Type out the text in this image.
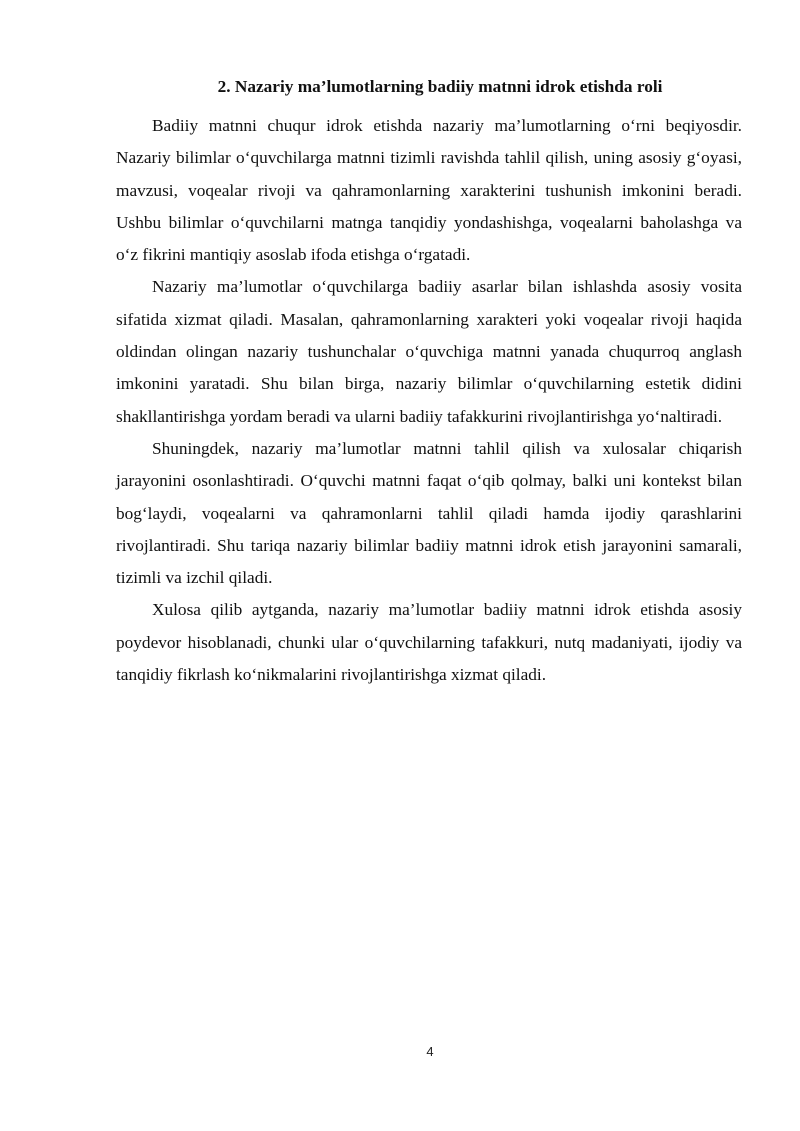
2. Nazariy ma’lumotlarning badiiy matnni idrok etishda roli

Badiiy matnni chuqur idrok etishda nazariy ma’lumotlarning o‘rni beqiyosdir. Nazariy bilimlar o‘quvchilarga matnni tizimli ravishda tahlil qilish, uning asosiy g‘oyasi, mavzusi, voqealar rivoji va qahramonlarning xarakterini tushunish imkonini beradi. Ushbu bilimlar o‘quvchilarni matnga tanqidiy yondashishga, voqealarni baholashga va o‘z fikrini mantiqiy asoslab ifoda etishga o‘rgatadi.

Nazariy ma’lumotlar o‘quvchilarga badiiy asarlar bilan ishlashda asosiy vosita sifatida xizmat qiladi. Masalan, qahramonlarning xarakteri yoki voqealar rivoji haqida oldindan olingan nazariy tushunchalar o‘quvchiga matnni yanada chuqurroq anglash imkonini yaratadi. Shu bilan birga, nazariy bilimlar o‘quvchilarning estetik didini shakllantirishga yordam beradi va ularni badiiy tafakkurini rivojlantirishga yo‘naltiradi.

Shuningdek, nazariy ma’lumotlar matnni tahlil qilish va xulosalar chiqarish jarayonini osonlashtiradi. O‘quvchi matnni faqat o‘qib qolmay, balki uni kontekst bilan bog‘laydi, voqealarni va qahramonlarni tahlil qiladi hamda ijodiy qarashlarini rivojlantiradi. Shu tariqa nazariy bilimlar badiiy matnni idrok etish jarayonini samarali, tizimli va izchil qiladi.

Xulosa qilib aytganda, nazariy ma’lumotlar badiiy matnni idrok etishda asosiy poydevor hisoblanadi, chunki ular o‘quvchilarning tafakkuri, nutq madaniyati, ijodiy va tanqidiy fikrlash ko‘nikmalarini rivojlantirishga xizmat qiladi.

4
